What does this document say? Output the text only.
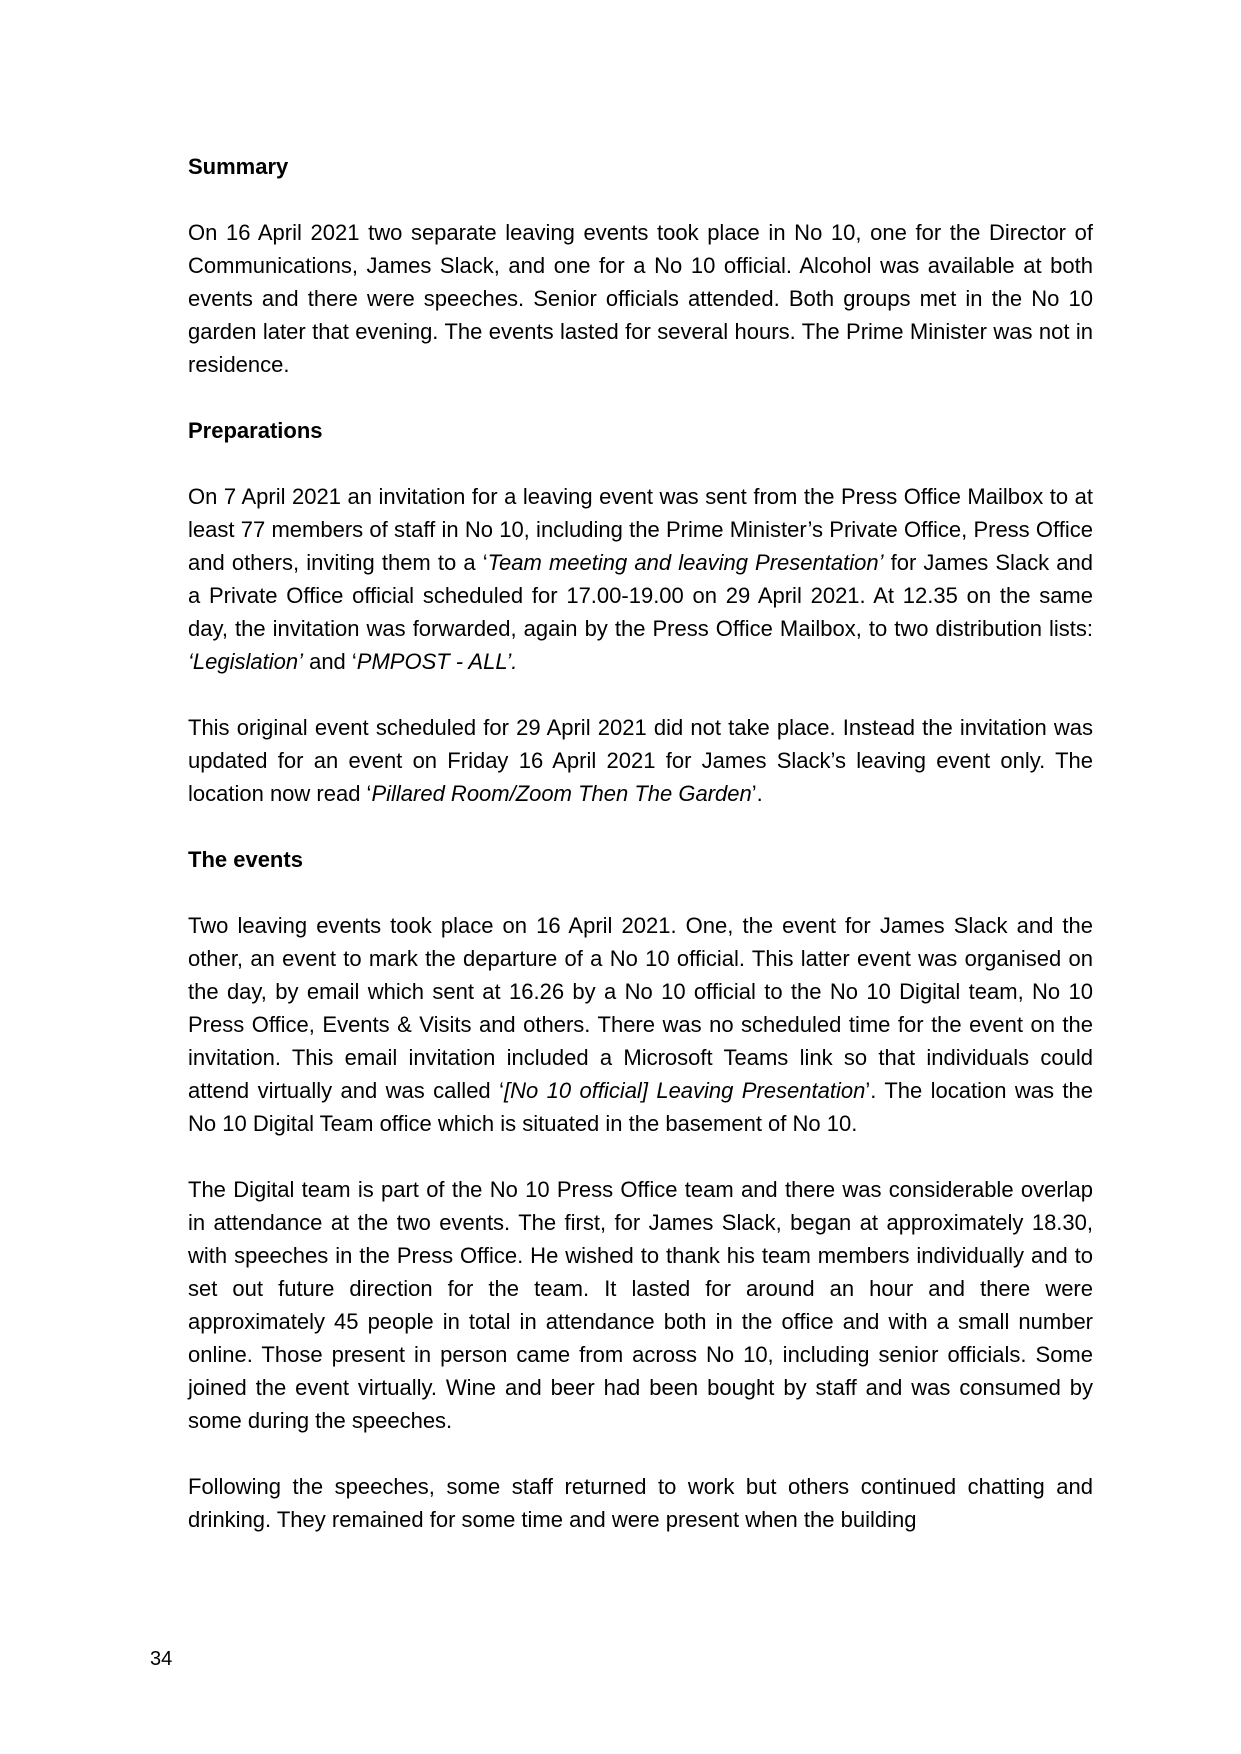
Summary

On 16 April 2021 two separate leaving events took place in No 10, one for the Director of Communications, James Slack, and one for a No 10 official. Alcohol was available at both events and there were speeches. Senior officials attended. Both groups met in the No 10 garden later that evening. The events lasted for several hours. The Prime Minister was not in residence.

Preparations

On 7 April 2021 an invitation for a leaving event was sent from the Press Office Mailbox to at least 77 members of staff in No 10, including the Prime Minister’s Private Office, Press Office and others, inviting them to a ‘Team meeting and leaving Presentation’ for James Slack and a Private Office official scheduled for 17.00-19.00 on 29 April 2021. At 12.35 on the same day, the invitation was forwarded, again by the Press Office Mailbox, to two distribution lists: ‘Legislation’ and ‘PMPOST - ALL’.

This original event scheduled for 29 April 2021 did not take place. Instead the invitation was updated for an event on Friday 16 April 2021 for James Slack’s leaving event only. The location now read ‘Pillared Room/Zoom Then The Garden’.

The events

Two leaving events took place on 16 April 2021. One, the event for James Slack and the other, an event to mark the departure of a No 10 official. This latter event was organised on the day, by email which sent at 16.26 by a No 10 official to the No 10 Digital team, No 10 Press Office, Events & Visits and others. There was no scheduled time for the event on the invitation. This email invitation included a Microsoft Teams link so that individuals could attend virtually and was called ‘[No 10 official] Leaving Presentation’. The location was the No 10 Digital Team office which is situated in the basement of No 10.

The Digital team is part of the No 10 Press Office team and there was considerable overlap in attendance at the two events. The first, for James Slack, began at approximately 18.30, with speeches in the Press Office. He wished to thank his team members individually and to set out future direction for the team. It lasted for around an hour and there were approximately 45 people in total in attendance both in the office and with a small number online. Those present in person came from across No 10, including senior officials. Some joined the event virtually. Wine and beer had been bought by staff and was consumed by some during the speeches.

Following the speeches, some staff returned to work but others continued chatting and drinking. They remained for some time and were present when the building

34
